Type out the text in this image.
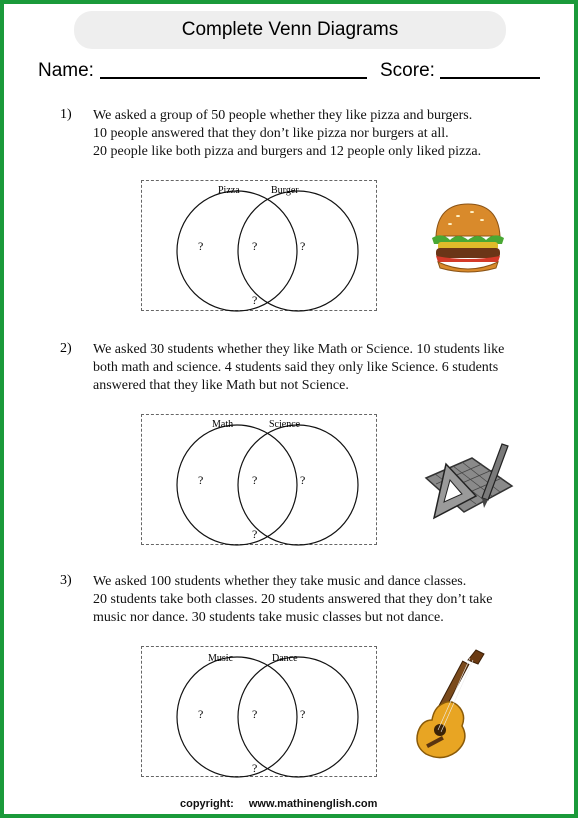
Complete Venn Diagrams
Name:	Score:
1) We asked a group of 50 people whether they like pizza and burgers.
10 people answered that they don’t like pizza nor burgers at all.
20 people like both pizza and burgers and 12 people only liked pizza.
Pizza	Burger
?	?	?
?
2) We asked 30 students whether they like Math or Science. 10 students like
both math and science. 4 students said they only like Science. 6 students
answered that they like Math but not Science.
Math	Science
?	?	?
?
3) We asked 100 students whether they take music and dance classes.
20 students take both classes. 20 students answered that they don’t take
music nor dance. 30 students take music classes but not dance.
Music	Dance
?	?	?
?
copyright: www.mathinenglish.com
